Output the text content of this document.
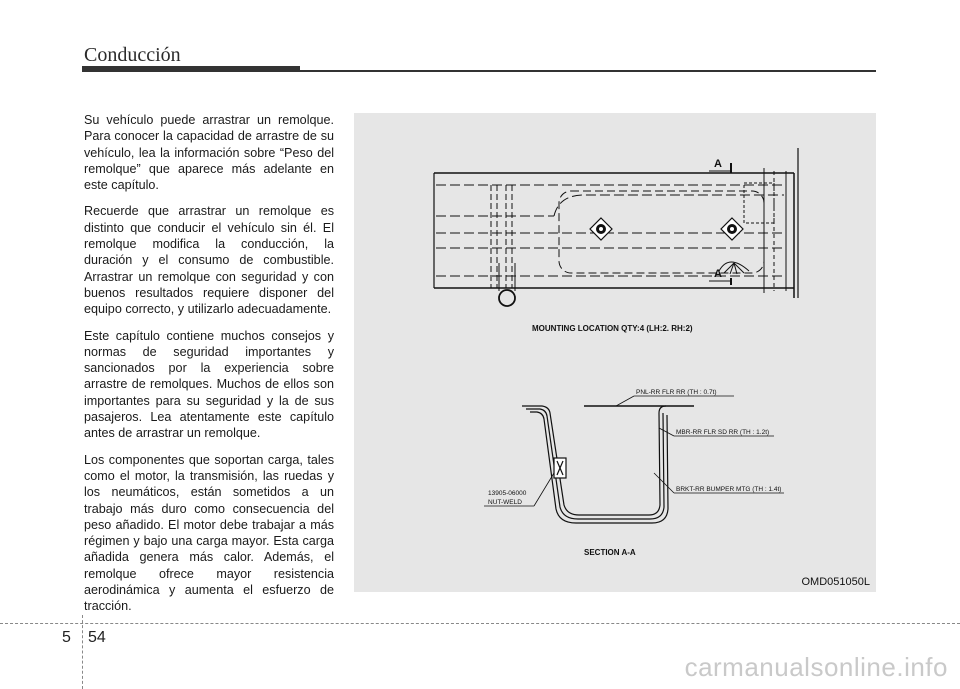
Conducción

Su vehículo puede arrastrar un remolque. Para conocer la capacidad de arrastre de su vehículo, lea la información sobre “Peso del remolque” que aparece más adelante en este capítulo.

Recuerde que arrastrar un remolque es distinto que conducir el vehículo sin él. El remolque modifica la conducción, la duración y el consumo de combustible. Arrastrar un remolque con seguridad y con buenos resultados requiere disponer del equipo correcto, y utilizarlo adecuadamente.

Este capítulo contiene muchos consejos y normas de seguridad importantes y sancionados por la experiencia sobre arrastre de remolques. Muchos de ellos son importantes para su seguridad y la de sus pasajeros. Lea atentamente este capítulo antes de arrastrar un remolque.

Los componentes que soportan carga, tales como el motor, la transmisión, las ruedas y los neumáticos, están sometidos a un trabajo más duro como consecuencia del peso añadido. El motor debe trabajar a más régimen y bajo una carga mayor. Esta carga añadida genera más calor. Además, el remolque ofrece mayor resistencia aerodinámica y aumenta el esfuerzo de tracción.

A
A
MOUNTING LOCATION QTY:4 (LH:2. RH:2)
PNL-RR FLR RR (TH : 0.7t)
MBR-RR FLR SD RR (TH : 1.2t)
BRKT-RR BUMPER MTG (TH : 1.4t)
13905-06000
NUT-WELD
SECTION A-A
OMD051050L
5 54
carmanualsonline.info
